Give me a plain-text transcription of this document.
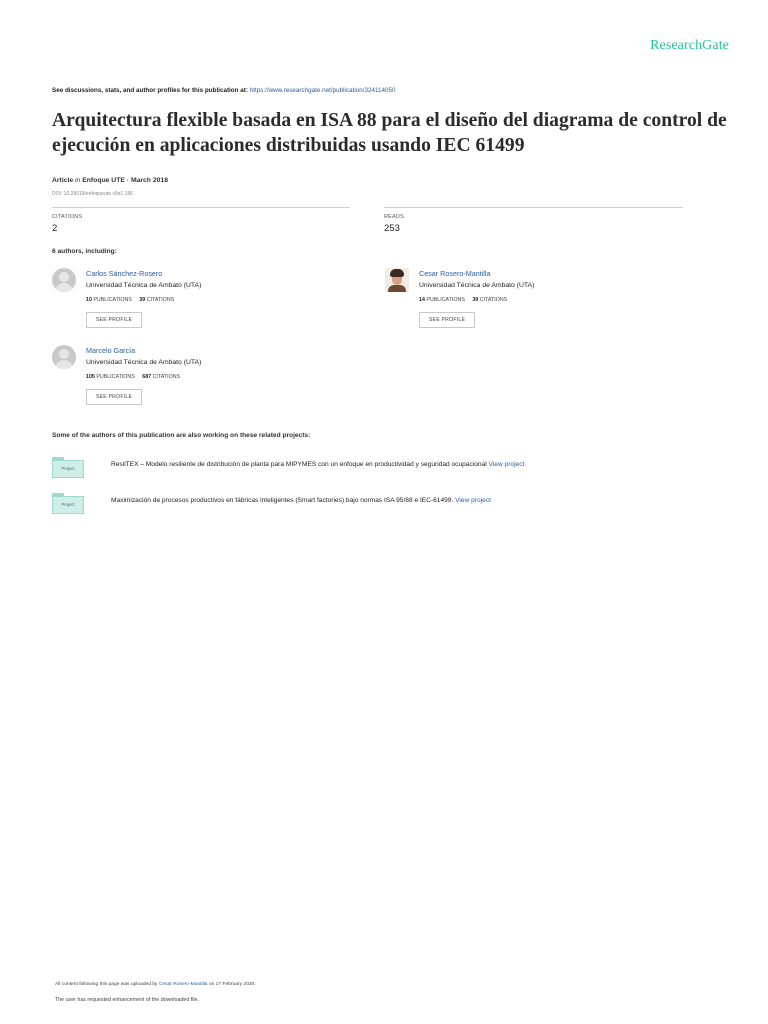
ResearchGate
See discussions, stats, and author profiles for this publication at: https://www.researchgate.net/publication/324114050
Arquitectura flexible basada en ISA 88 para el diseño del diagrama de control de ejecución en aplicaciones distribuidas usando IEC 61499
Article in Enfoque UTE · March 2018
DOI: 10.29019/enfoqueute.v9n1.186
CITATIONS
2
READS
253
6 authors, including:
Carlos Sánchez-Rosero
Universidad Técnica de Ambato (UTA)
10 PUBLICATIONS 39 CITATIONS
SEE PROFILE
Cesar Rosero-Mantilla
Universidad Técnica de Ambato (UTA)
14 PUBLICATIONS 39 CITATIONS
SEE PROFILE
Marcelo García
Universidad Técnica de Ambato (UTA)
105 PUBLICATIONS 687 CITATIONS
SEE PROFILE
Some of the authors of this publication are also working on these related projects:
Project
ResilTEX – Modelo resiliente de distribución de planta para MIPYMES con un enfoque en productividad y seguridad ocupacional View project
Project
Maximización de procesos productivos en fábricas inteligentes (Smart factories) bajo normas ISA 95/88 e IEC-61499. View project
All content following this page was uploaded by Cesar Rosero-Mantilla on 17 February 2020.
The user has requested enhancement of the downloaded file.
